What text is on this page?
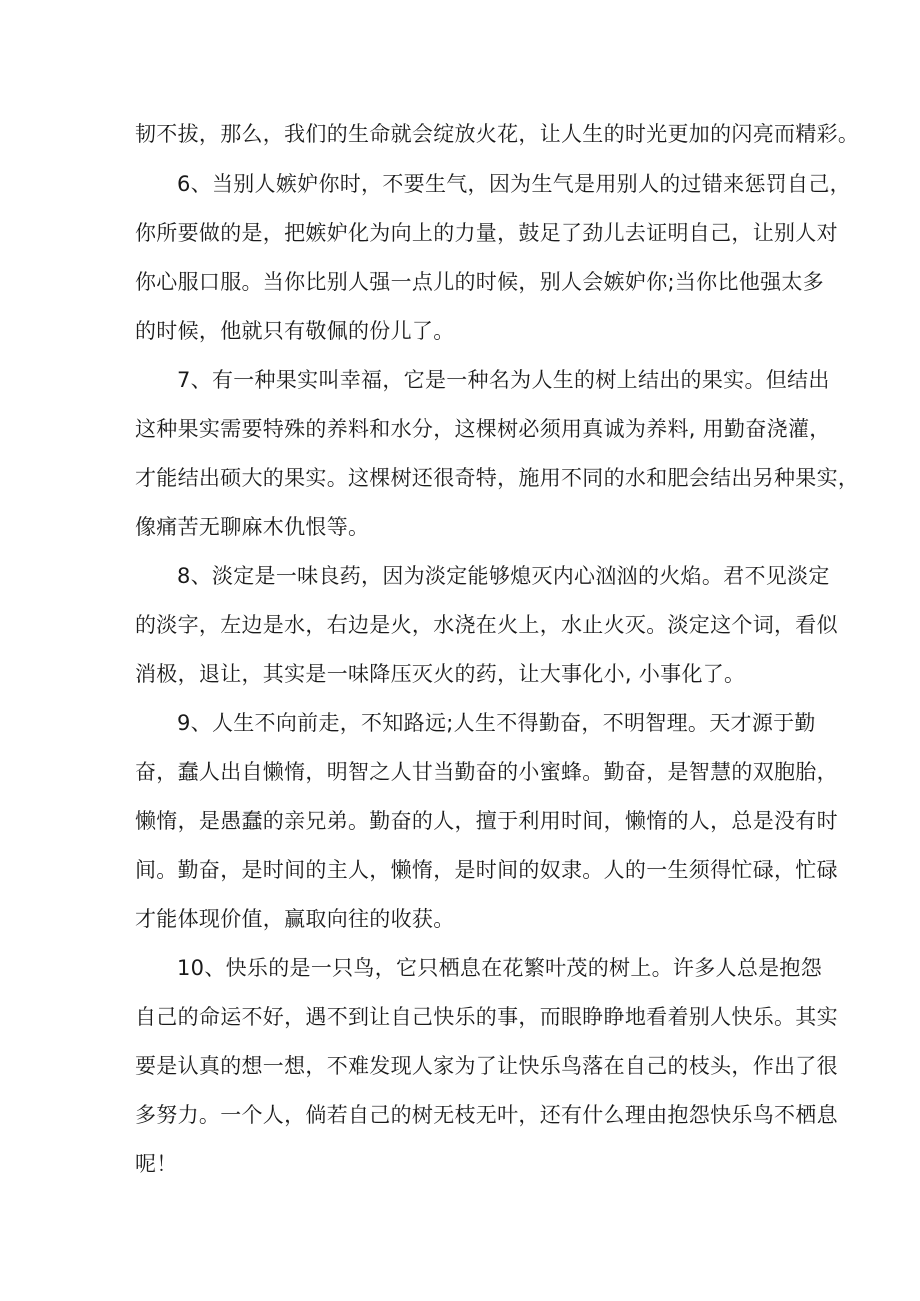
韧不拔，那么，我们的生命就会绽放火花，让人生的时光更加的闪亮而精彩。
6、当别人嫉妒你时，不要生气，因为生气是用别人的过错来惩罚自己，
你所要做的是，把嫉妒化为向上的力量，鼓足了劲儿去证明自己，让别人对
你心服口服。当你比别人强一点儿的时候，别人会嫉妒你;当你比他强太多
的时候，他就只有敬佩的份儿了。
7、有一种果实叫幸福，它是一种名为人生的树上结出的果实。但结出
这种果实需要特殊的养料和水分，这棵树必须用真诚为养料, 用勤奋浇灌，
才能结出硕大的果实。这棵树还很奇特，施用不同的水和肥会结出另种果实，
像痛苦无聊麻木仇恨等。
8、淡定是一味良药，因为淡定能够熄灭内心汹汹的火焰。君不见淡定
的淡字，左边是水，右边是火，水浇在火上，水止火灭。淡定这个词，看似
消极，退让，其实是一味降压灭火的药，让大事化小, 小事化了。
9、人生不向前走，不知路远;人生不得勤奋，不明智理。天才源于勤
奋，蠢人出自懒惰，明智之人甘当勤奋的小蜜蜂。勤奋，是智慧的双胞胎，
懒惰，是愚蠢的亲兄弟。勤奋的人，擅于利用时间，懒惰的人，总是没有时
间。勤奋，是时间的主人，懒惰，是时间的奴隶。人的一生须得忙碌，忙碌
才能体现价值，赢取向往的收获。
10、快乐的是一只鸟，它只栖息在花繁叶茂的树上。许多人总是抱怨
自己的命运不好，遇不到让自己快乐的事，而眼睁睁地看着别人快乐。其实
要是认真的想一想，不难发现人家为了让快乐鸟落在自己的枝头，作出了很
多努力。一个人，倘若自己的树无枝无叶，还有什么理由抱怨快乐鸟不栖息
呢！
